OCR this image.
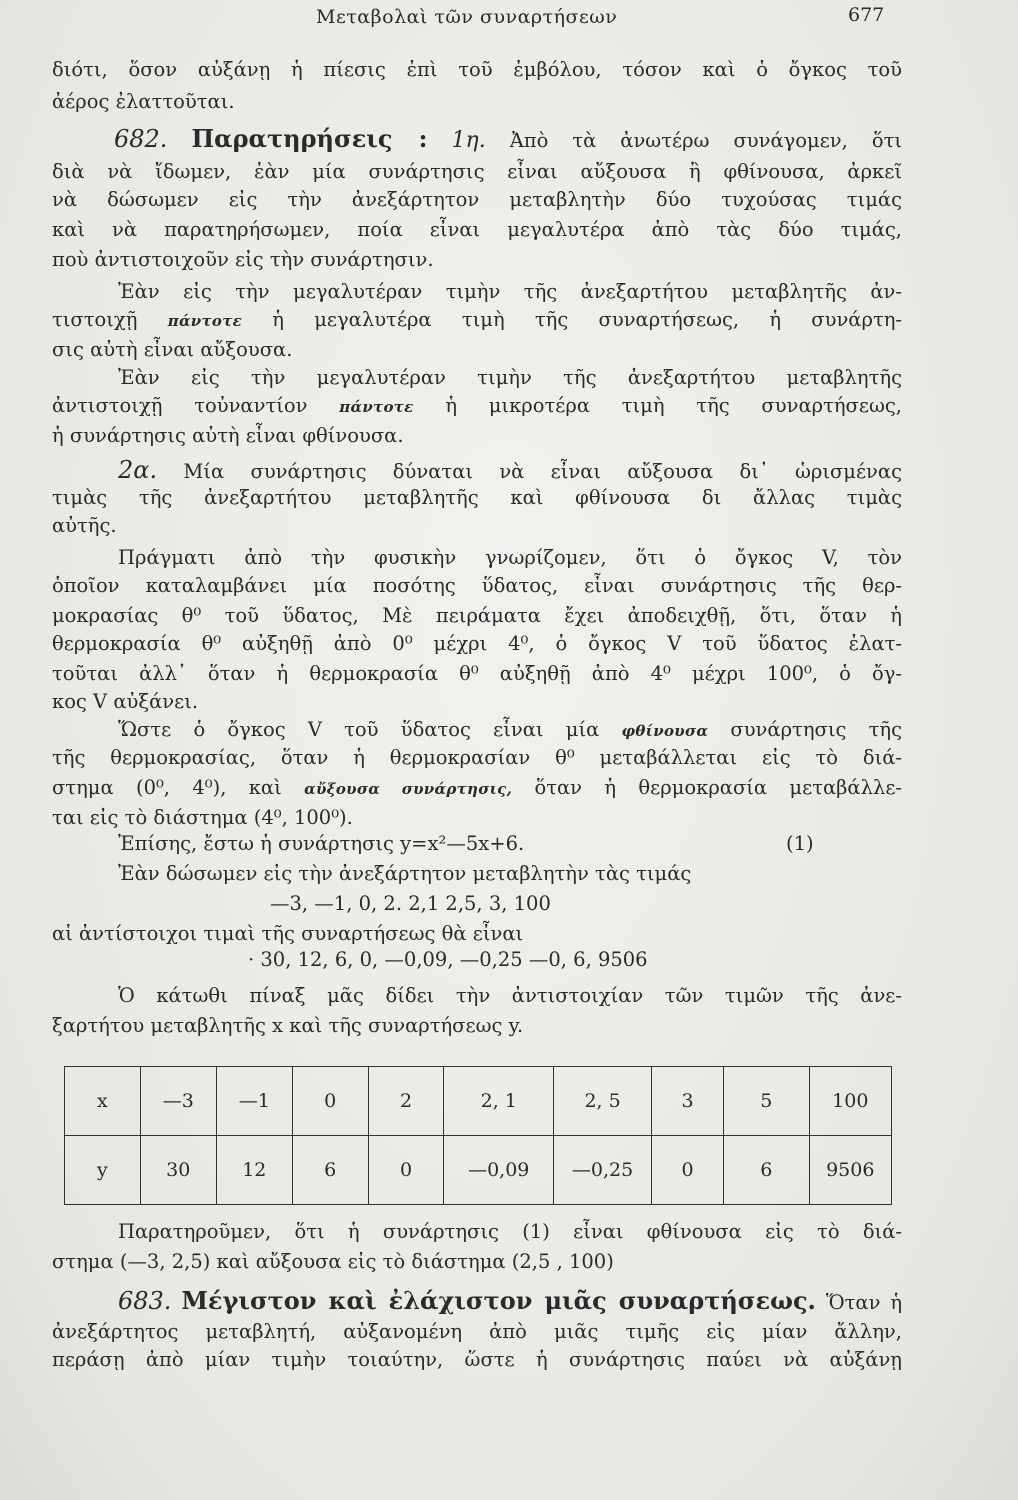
Μεταβολαὶ τῶν συναρτήσεων	677
διότι, ὅσον αὐξάνῃ ἡ πίεσις ἐπὶ τοῦ ἐμβόλου, τόσον καὶ ὁ ὄγκος τοῦ
ἀέρος ἐλαττοῦται.
682. Παρατηρήσεις : 1η. Ἀπὸ τὰ ἀνωτέρω συνάγομεν, ὅτι
διὰ νὰ ἴδωμεν, ἐὰν μία συνάρτησις εἶναι αὔξουσα ἢ φθίνουσα, ἀρκεῖ
νὰ δώσωμεν εἰς τὴν ἀνεξάρτητον μεταβλητὴν δύο τυχούσας τιμάς
καὶ νὰ παρατηρήσωμεν, ποία εἶναι μεγαλυτέρα ἀπὸ τὰς δύο τιμάς,
ποὺ ἀντιστοιχοῦν εἰς τὴν συνάρτησιν.
Ἐὰν εἰς τὴν μεγαλυτέραν τιμὴν τῆς ἀνεξαρτήτου μεταβλητῆς ἀν-
τιστοιχῇ πάντοτε ἡ μεγαλυτέρα τιμὴ τῆς συναρτήσεως, ἡ συνάρτη-
σις αὐτὴ εἶναι αὔξουσα.
Ἐὰν εἰς τὴν μεγαλυτέραν τιμὴν τῆς ἀνεξαρτήτου μεταβλητῆς
ἀντιστοιχῇ τοὐναντίον πάντοτε ἡ μικροτέρα τιμὴ τῆς συναρτήσεως,
ἡ συνάρτησις αὐτὴ εἶναι φθίνουσα.
2α. Μία συνάρτησις δύναται νὰ εἶναι αὔξουσα δι᾽ ὡρισμένας
τιμὰς τῆς ἀνεξαρτήτου μεταβλητῆς καὶ φθίνουσα δι ἄλλας τιμὰς
αὐτῆς.
Πράγματι ἀπὸ τὴν φυσικὴν γνωρίζομεν, ὅτι ὁ ὄγκος V, τὸν
ὁποῖον καταλαμβάνει μία ποσότης ὕδατος, εἶναι συνάρτησις τῆς θερ-
μοκρασίας θ⁰ τοῦ ὕδατος, Μὲ πειράματα ἔχει ἀποδειχθῇ, ὅτι, ὅταν ἡ
θερμοκρασία θ⁰ αὐξηθῇ ἀπὸ 0⁰ μέχρι 4⁰, ὁ ὄγκος V τοῦ ὕδατος ἐλατ-
τοῦται ἀλλ᾽ ὅταν ἡ θερμοκρασία θ⁰ αὐξηθῇ ἀπὸ 4⁰ μέχρι 100⁰, ὁ ὄγ-
κος V αὐξάνει.
Ὥστε ὁ ὄγκος V τοῦ ὕδατος εἶναι μία φθίνουσα συνάρτησις τῆς
τῆς θερμοκρασίας, ὅταν ἡ θερμοκρασίαν θ⁰ μεταβάλλεται εἰς τὸ διά-
στημα (0⁰, 4⁰), καὶ αὔξουσα συνάρτησις, ὅταν ἡ θερμοκρασία μεταβάλλε-
ται εἰς τὸ διάστημα (4⁰, 100⁰).
Ἐπίσης, ἔστω ἡ συνάρτησις y=x²—5x+6.	(1)
Ἐὰν δώσωμεν εἰς τὴν ἀνεξάρτητον μεταβλητὴν τὰς τιμάς
—3, —1, 0, 2. 2,1 2,5, 3, 100
αἱ ἀντίστοιχοι τιμαὶ τῆς συναρτήσεως θὰ εἶναι
· 30, 12, 6, 0, —0,09, —0,25 —0, 6, 9506
Ὁ κάτωθι πίναξ μᾶς δίδει τὴν ἀντιστοιχίαν τῶν τιμῶν τῆς ἀνε-
ξαρτήτου μεταβλητῆς x καὶ τῆς συναρτήσεως y.
x	—3	—1	0	2	2, 1	2, 5	3	5	100
y	30	12	6	0	—0,09	—0,25	0	6	9506
Παρατηροῦμεν, ὅτι ἡ συνάρτησις (1) εἶναι φθίνουσα εἰς τὸ διά-
στημα (—3, 2,5) καὶ αὔξουσα εἰς τὸ διάστημα (2,5 , 100)
683. Μέγιστον καὶ ἐλάχιστον μιᾶς συναρτήσεως. Ὅταν ἡ
ἀνεξάρτητος μεταβλητή, αὐξανομένη ἀπὸ μιᾶς τιμῆς εἰς μίαν ἄλλην,
περάσῃ ἀπὸ μίαν τιμὴν τοιαύτην, ὥστε ἡ συνάρτησις παύει νὰ αὐξάνῃ
